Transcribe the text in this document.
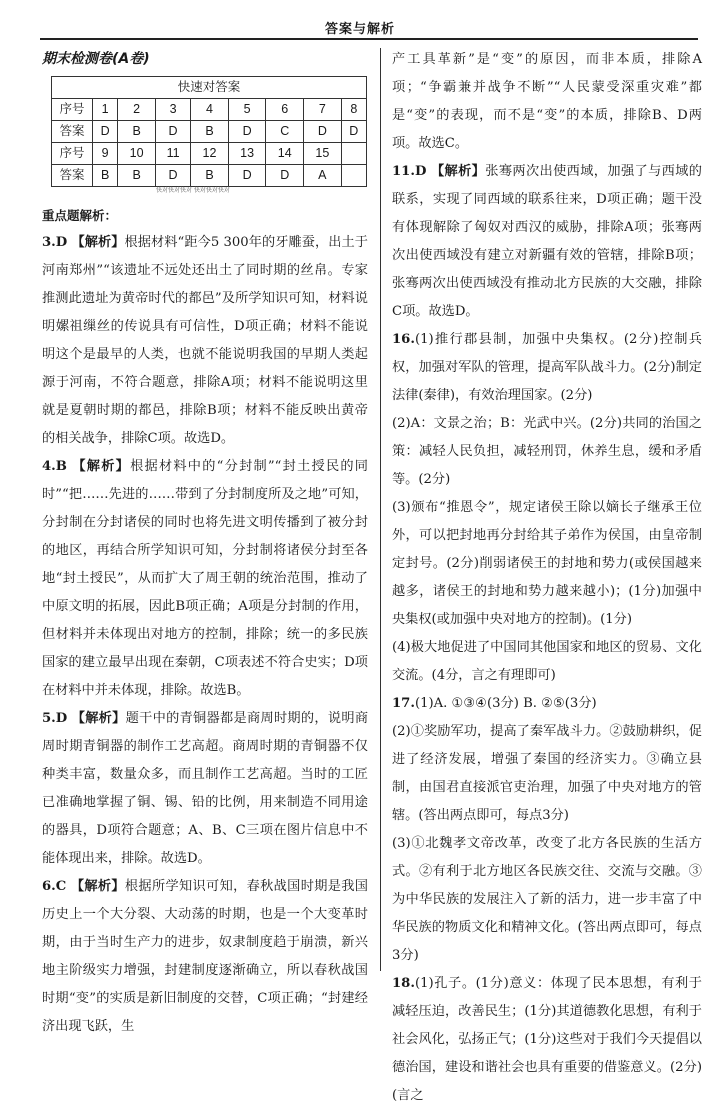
答案与解析
期末检测卷(A卷)
快速对答案								
序号	1	2	3	4	5	6	7	8
答案	D	B	D	B	D	C	D	D
序号	9	10	11	12	13	14	15	
答案	B	B	D	B	D	D	A	
快对快对快对 快对快对快对
重点题解析：

3.D 【解析】根据材料“距今5 300年的牙雕蚕，出土于河南郑州”“该遗址不远处还出土了同时期的丝帛。专家推测此遗址为黄帝时代的都邑”及所学知识可知，材料说明嫘祖缫丝的传说具有可信性，D项正确；材料不能说明这个是最早的人类，也就不能说明我国的早期人类起源于河南，不符合题意，排除A项；材料不能说明这里就是夏朝时期的都邑，排除B项；材料不能反映出黄帝的相关战争，排除C项。故选D。

4.B 【解析】根据材料中的“分封制”“封土授民的同时”“把……先进的……带到了分封制度所及之地”可知，分封制在分封诸侯的同时也将先进文明传播到了被分封的地区，再结合所学知识可知，分封制将诸侯分封至各地“封土授民”，从而扩大了周王朝的统治范围，推动了中原文明的拓展，因此B项正确；A项是分封制的作用，但材料并未体现出对地方的控制，排除；统一的多民族国家的建立最早出现在秦朝，C项表述不符合史实；D项在材料中并未体现，排除。故选B。

5.D 【解析】题干中的青铜器都是商周时期的，说明商周时期青铜器的制作工艺高超。商周时期的青铜器不仅种类丰富，数量众多，而且制作工艺高超。当时的工匠已准确地掌握了铜、锡、铅的比例，用来制造不同用途的器具，D项符合题意；A、B、C三项在图片信息中不能体现出来，排除。故选D。

6.C 【解析】根据所学知识可知，春秋战国时期是我国历史上一个大分裂、大动荡的时期，也是一个大变革时期，由于当时生产力的进步，奴隶制度趋于崩溃，新兴地主阶级实力增强，封建制度逐渐确立，所以春秋战国时期“变”的实质是新旧制度的交替，C项正确；“封建经济出现飞跃，生

产工具革新”是“变”的原因，而非本质，排除A项；“争霸兼并战争不断”“人民蒙受深重灾难”都是“变”的表现，而不是“变”的本质，排除B、D两项。故选C。

11.D 【解析】张骞两次出使西域，加强了与西域的联系，实现了同西域的联系往来，D项正确；题干没有体现解除了匈奴对西汉的威胁，排除A项；张骞两次出使西域没有建立对新疆有效的管辖，排除B项；张骞两次出使西域没有推动北方民族的大交融，排除C项。故选D。

16.(1)推行郡县制，加强中央集权。(2分)控制兵权，加强对军队的管理，提高军队战斗力。(2分)制定法律(秦律)，有效治理国家。(2分)

(2)A：文景之治；B：光武中兴。(2分)共同的治国之策：减轻人民负担，减轻刑罚，休养生息，缓和矛盾等。(2分)

(3)颁布“推恩令”，规定诸侯王除以嫡长子继承王位外，可以把封地再分封给其子弟作为侯国，由皇帝制定封号。(2分)削弱诸侯王的封地和势力(或侯国越来越多，诸侯王的封地和势力越来越小)；(1分)加强中央集权(或加强中央对地方的控制)。(1分)

(4)极大地促进了中国同其他国家和地区的贸易、文化交流。(4分，言之有理即可)

17.(1)A. ①③④(3分) B. ②⑤(3分)

(2)①奖励军功，提高了秦军战斗力。②鼓励耕织，促进了经济发展，增强了秦国的经济实力。③确立县制，由国君直接派官吏治理，加强了中央对地方的管辖。(答出两点即可，每点3分)

(3)①北魏孝文帝改革，改变了北方各民族的生活方式。②有利于北方地区各民族交往、交流与交融。③为中华民族的发展注入了新的活力，进一步丰富了中华民族的物质文化和精神文化。(答出两点即可，每点3分)

18.(1)孔子。(1分)意义：体现了民本思想，有利于减轻压迫，改善民生；(1分)其道德教化思想，有利于社会风化，弘扬正气；(1分)这些对于我们今天提倡以德治国，建设和谐社会也具有重要的借鉴意义。(2分)(言之
